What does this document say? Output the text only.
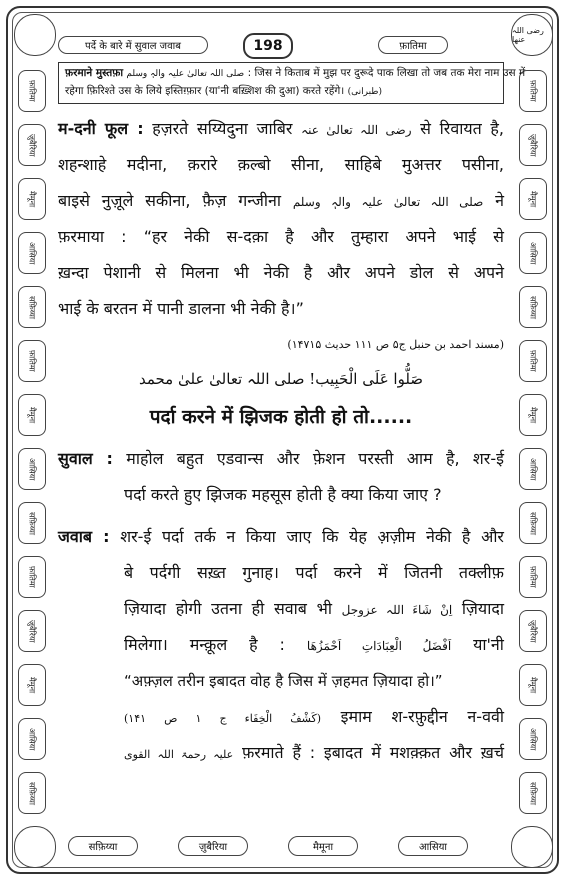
رضی اللہ عنھا
फ़ातिमा
ज़ुबैरिया
मैमूना
आसिया
सफ़िय्या
फ़ातिमा
मैमूना
आसिया
सफ़िय्या
फ़ातिमा
ज़ुबैरिया
मैमूना
आसिया
सफ़िय्या
फ़ातिमा
ज़ुबैरिया
मैमूना
आसिया
सफ़िय्या
फ़ातिमा
मैमूना
आसिया
सफ़िय्या
फ़ातिमा
ज़ुबैरिया
मैमूना
आसिया
सफ़िय्या
पर्दे के बारे में सुवाल जवाब	फ़ातिमा
198
फ़रमाने मुस्तफ़ा صلی اللہ تعالیٰ علیہ والہٖ وسلم : जिस ने किताब में मुझ पर दुरूदे पाक लिखा तो जब तक मेरा नाम उस में
रहेगा फ़िरिश्ते उस के लिये इस्तिग़्फ़ार (या'नी बख़्शिश की दुआ) करते रहेंगे। (طبرانی)
म-दनी फूल : हज़रते सय्यिदुना जाबिर رضی اللہ تعالیٰ عنہ से रिवायत है,
शहन्शाहे मदीना, क़रारे क़ल्बो सीना, साहिबे मुअत्तर पसीना,
बाइसे नुज़ूले सकीना, फ़ैज़ गन्जीना صلی اللہ تعالیٰ علیہ والہٖ وسلم ने
फ़रमाया : “हर नेकी स-दक़ा है और तुम्हारा अपने भाई से
ख़न्दा पेशानी से मिलना भी नेकी है और अपने डोल से अपने
भाई के बरतन में पानी डालना भी नेकी है।”
(مسند احمد بن حنبل ج۵ ص ۱۱۱ حدیث ۱۴۷۱۵)
صَلُّوا عَلَی الْحَبِیب! صلی اللہ تعالیٰ علیٰ محمد
पर्दा करने में झिजक होती हो तो......
सुवाल : माहोल बहुत एडवान्स और फ़ेशन परस्ती आम है, शर-ई
पर्दा करते हुए झिजक महसूस होती है क्या किया जाए ?
जवाब : शर-ई पर्दा तर्क न किया जाए कि येह अ़ज़ीम नेकी है और
बे पर्दगी सख़्त गुनाह। पर्दा करने में जितनी तक्लीफ़
ज़ियादा होगी उतना ही सवाब भी اِنْ شَاءَ اللہ عزوجل ज़ियादा
मिलेगा। मन्क़ूल है : اَفْضَلُ الْعِبَادَاتِ اَحْمَزُھَا या'नी
“अफ़्ज़ल तरीन इबादत वोह है जिस में ज़हमत ज़ियादा हो।”
(کَشْفُ الْخِفَاء ج ۱ ص ۱۴۱) इमाम श-रफ़ुद्दीन न-ववी
علیہ رحمۃ اللہ القوی फ़रमाते हैं : इबादत में मशक़्क़त और ख़र्च
सफ़िय्या	ज़ुबैरिया	मैमूना	आसिया
